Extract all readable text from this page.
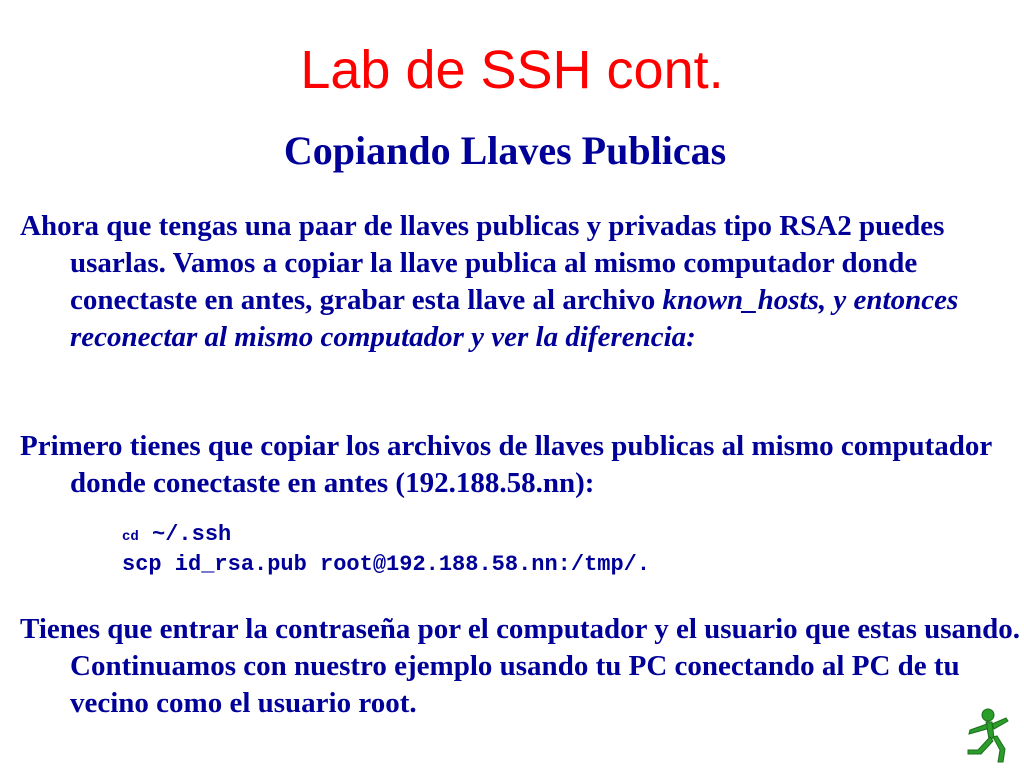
Lab de SSH cont.
Copiando Llaves Publicas

Ahora que tengas una paar de llaves publicas y privadas tipo RSA2 puedes usarlas. Vamos a copiar la llave publica al mismo computador donde conectaste en antes, grabar esta llave al archivo known_hosts, y entonces reconectar al mismo computador y ver la diferencia:

Primero tienes que copiar los archivos de llaves publicas al mismo computador donde conectaste en antes (192.188.58.nn):

cd ~/.ssh
scp id_rsa.pub root@192.188.58.nn:/tmp/.

Tienes que entrar la contraseña por el computador y el usuario que estas usando. Continuamos con nuestro ejemplo usando tu PC conectando al PC de tu vecino como el usuario root.
